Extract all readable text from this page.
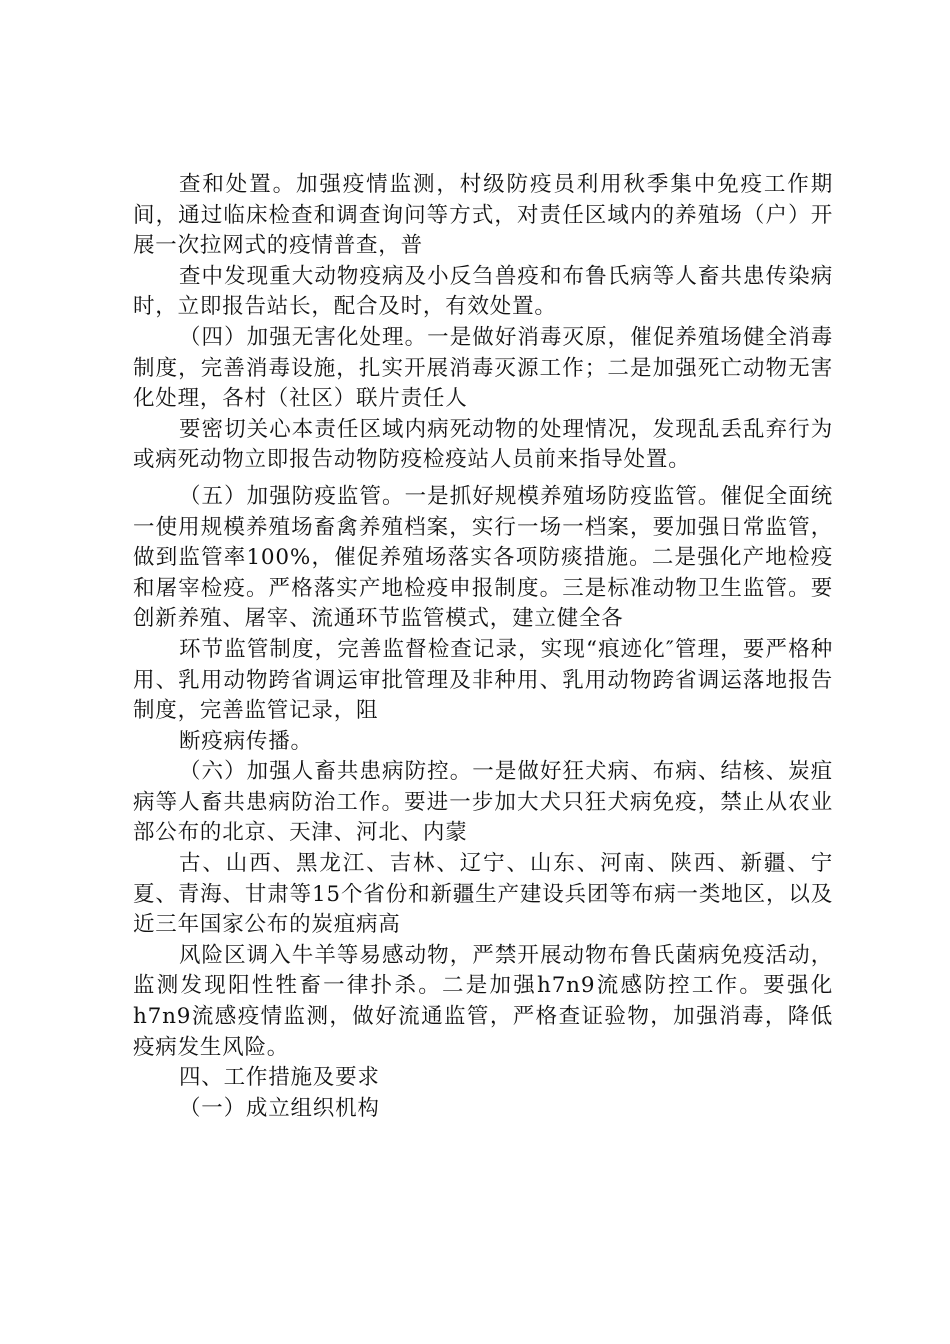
查和处置。加强疫情监测，村级防疫员利用秋季集中免疫工作期间，通过临床检查和调查询问等方式，对责任区域内的养殖场（户）开展一次拉网式的疫情普查，普

查中发现重大动物疫病及小反刍兽疫和布鲁氏病等人畜共患传染病时，立即报告站长，配合及时，有效处置。

（四）加强无害化处理。一是做好消毒灭原，催促养殖场健全消毒制度，完善消毒设施，扎实开展消毒灭源工作；二是加强死亡动物无害化处理，各村（社区）联片责任人

要密切关心本责任区域内病死动物的处理情况，发现乱丢乱弃行为或病死动物立即报告动物防疫检疫站人员前来指导处置。

（五）加强防疫监管。一是抓好规模养殖场防疫监管。催促全面统一使用规模养殖场畜禽养殖档案，实行一场一档案，要加强日常监管，做到监管率100%，催促养殖场落实各项防痰措施。二是强化产地检疫和屠宰检疫。严格落实产地检疫申报制度。三是标准动物卫生监管。要创新养殖、屠宰、流通环节监管模式，建立健全各

环节监管制度，完善监督检查记录，实现“痕迹化″管理，要严格种用、乳用动物跨省调运审批管理及非种用、乳用动物跨省调运落地报告制度，完善监管记录，阻

断疫病传播。

（六）加强人畜共患病防控。一是做好狂犬病、布病、结核、炭疽病等人畜共患病防治工作。要进一步加大犬只狂犬病免疫，禁止从农业部公布的北京、天津、河北、内蒙

古、山西、黑龙江、吉林、辽宁、山东、河南、陕西、新疆、宁夏、青海、甘肃等15个省份和新疆生产建设兵团等布病一类地区，以及近三年国家公布的炭疽病高

风险区调入牛羊等易感动物，严禁开展动物布鲁氏菌病免疫活动，监测发现阳性牲畜一律扑杀。二是加强h7n9流感防控工作。要强化h7n9流感疫情监测，做好流通监管，严格查证验物，加强消毒，降低疫病发生风险。

四、工作措施及要求

（一）成立组织机构
